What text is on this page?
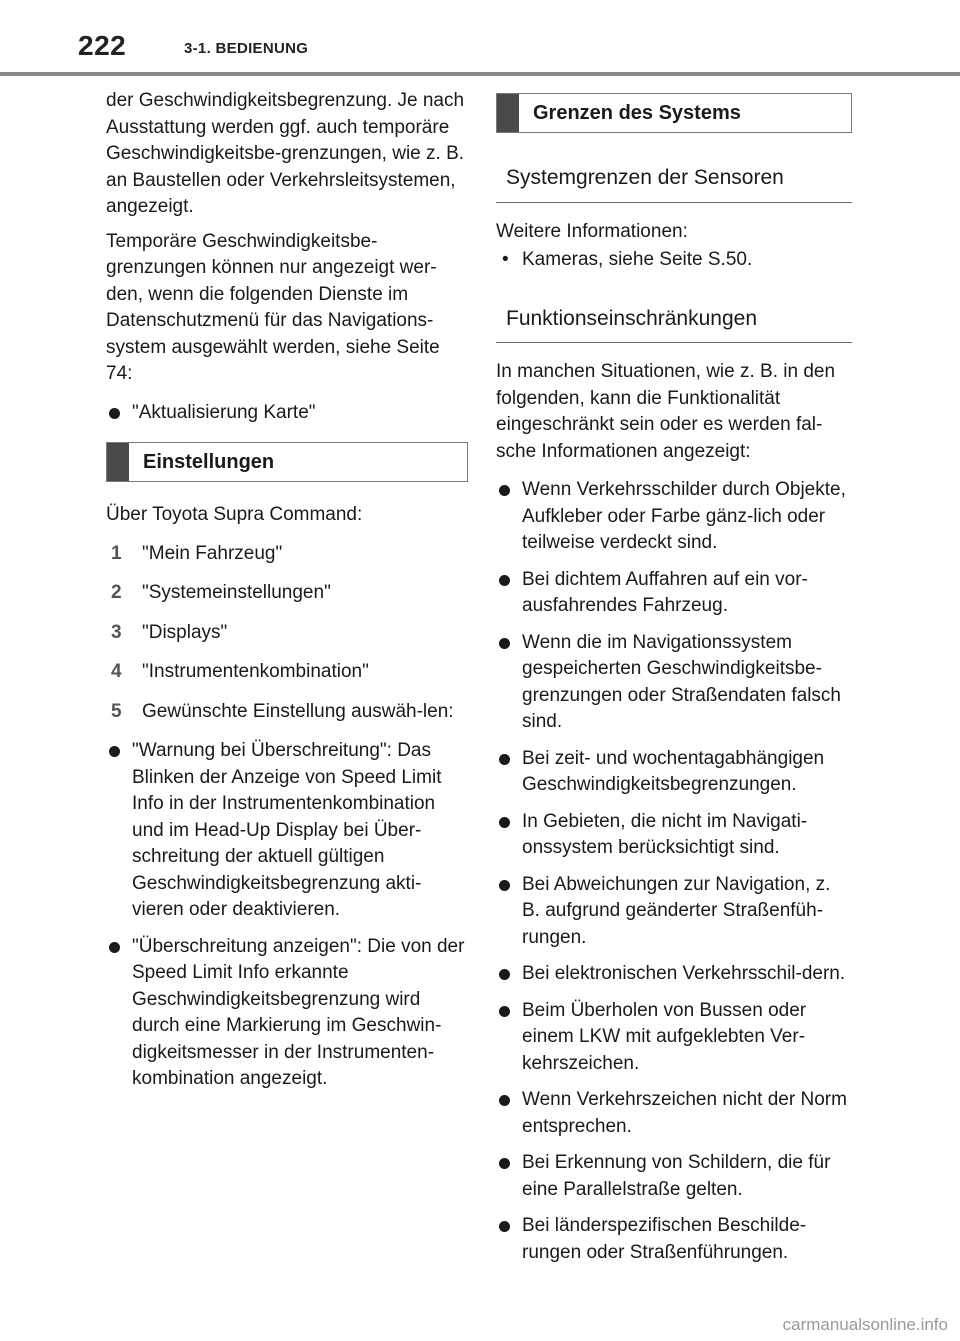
222	3-1. BEDIENUNG

der Geschwindigkeitsbegrenzung. Je nach Ausstattung werden ggf. auch temporäre Geschwindigkeitsbe-grenzungen, wie z. B. an Baustellen oder Verkehrsleitsystemen, angezeigt.

Temporäre Geschwindigkeitsbe-grenzungen können nur angezeigt wer-den, wenn die folgenden Dienste im Datenschutzmenü für das Navigations-system ausgewählt werden, siehe Seite 74:

"Aktualisierung Karte"
Einstellungen

Über Toyota Supra Command:

1 "Mein Fahrzeug"
2 "Systemeinstellungen"
3 "Displays"
4 "Instrumentenkombination"
5 Gewünschte Einstellung auswäh-len:
"Warnung bei Überschreitung": Das Blinken der Anzeige von Speed Limit Info in der Instrumentenkombination und im Head-Up Display bei Über-schreitung der aktuell gültigen Geschwindigkeitsbegrenzung akti-vieren oder deaktivieren.
"Überschreitung anzeigen": Die von der Speed Limit Info erkannte Geschwindigkeitsbegrenzung wird durch eine Markierung im Geschwin-digkeitsmesser in der Instrumenten-kombination angezeigt.
Grenzen des Systems
Systemgrenzen der Sensoren

Weitere Informationen:

• Kameras, siehe Seite S.50.
Funktionseinschränkungen

In manchen Situationen, wie z. B. in den folgenden, kann die Funktionalität eingeschränkt sein oder es werden fal-sche Informationen angezeigt:

Wenn Verkehrsschilder durch Objekte, Aufkleber oder Farbe gänz-lich oder teilweise verdeckt sind.
Bei dichtem Auffahren auf ein vor-ausfahrendes Fahrzeug.
Wenn die im Navigationssystem gespeicherten Geschwindigkeitsbe-grenzungen oder Straßendaten falsch sind.
Bei zeit- und wochentagabhängigen Geschwindigkeitsbegrenzungen.
In Gebieten, die nicht im Navigati-onssystem berücksichtigt sind.
Bei Abweichungen zur Navigation, z. B. aufgrund geänderter Straßenfüh-rungen.
Bei elektronischen Verkehrsschil-dern.
Beim Überholen von Bussen oder einem LKW mit aufgeklebten Ver-kehrszeichen.
Wenn Verkehrszeichen nicht der Norm entsprechen.
Bei Erkennung von Schildern, die für eine Parallelstraße gelten.
Bei länderspezifischen Beschilde-rungen oder Straßenführungen.
carmanualsonline.info
